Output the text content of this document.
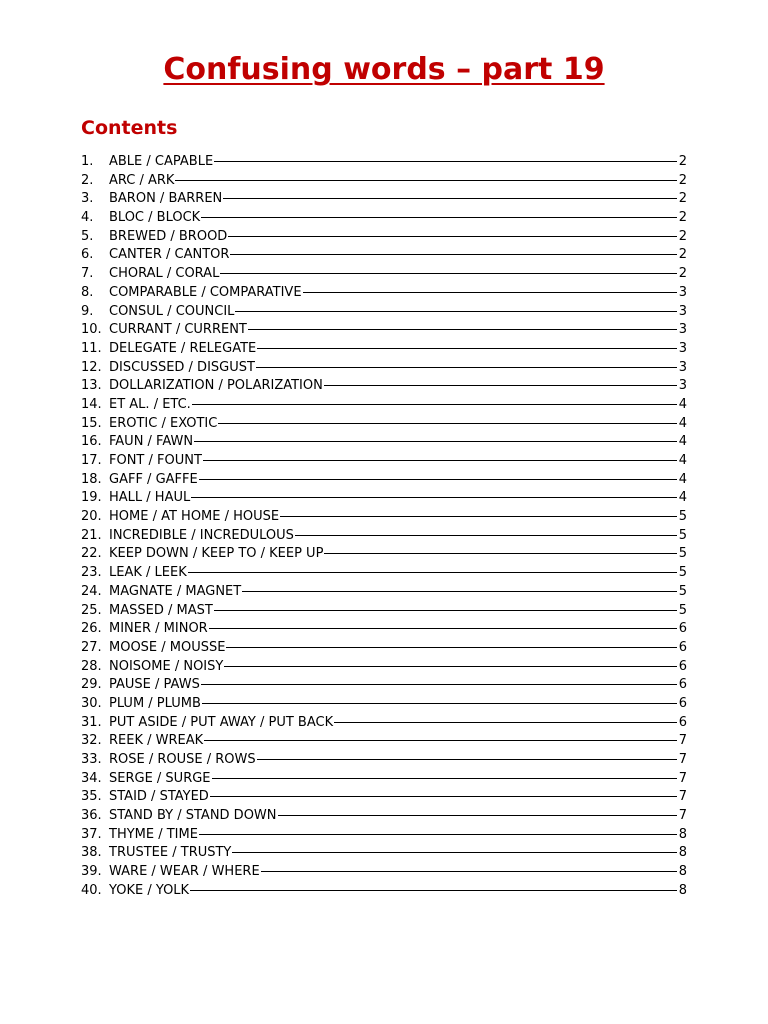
Confusing words – part 19
Contents
1.	ABLE / CAPABLE	2
2.	ARC / ARK	2
3.	BARON / BARREN	2
4.	BLOC / BLOCK	2
5.	BREWED / BROOD	2
6.	CANTER / CANTOR	2
7.	CHORAL / CORAL	2
8.	COMPARABLE / COMPARATIVE	3
9.	CONSUL / COUNCIL	3
10. CURRANT / CURRENT	3
11. DELEGATE / RELEGATE	3
12. DISCUSSED / DISGUST	3
13. DOLLARIZATION / POLARIZATION	3
14. ET AL. / ETC.	4
15. EROTIC / EXOTIC	4
16. FAUN / FAWN	4
17. FONT / FOUNT	4
18. GAFF / GAFFE	4
19. HALL / HAUL	4
20. HOME / AT HOME / HOUSE	5
21. INCREDIBLE / INCREDULOUS	5
22. KEEP DOWN / KEEP TO / KEEP UP	5
23. LEAK / LEEK	5
24. MAGNATE / MAGNET	5
25. MASSED / MAST	5
26. MINER / MINOR	6
27. MOOSE / MOUSSE	6
28. NOISOME / NOISY	6
29. PAUSE / PAWS	6
30. PLUM / PLUMB	6
31. PUT ASIDE / PUT AWAY / PUT BACK	6
32. REEK / WREAK	7
33. ROSE / ROUSE / ROWS	7
34. SERGE / SURGE	7
35. STAID / STAYED	7
36. STAND BY / STAND DOWN	7
37. THYME / TIME	8
38. TRUSTEE / TRUSTY	8
39. WARE / WEAR / WHERE	8
40. YOKE / YOLK	8
